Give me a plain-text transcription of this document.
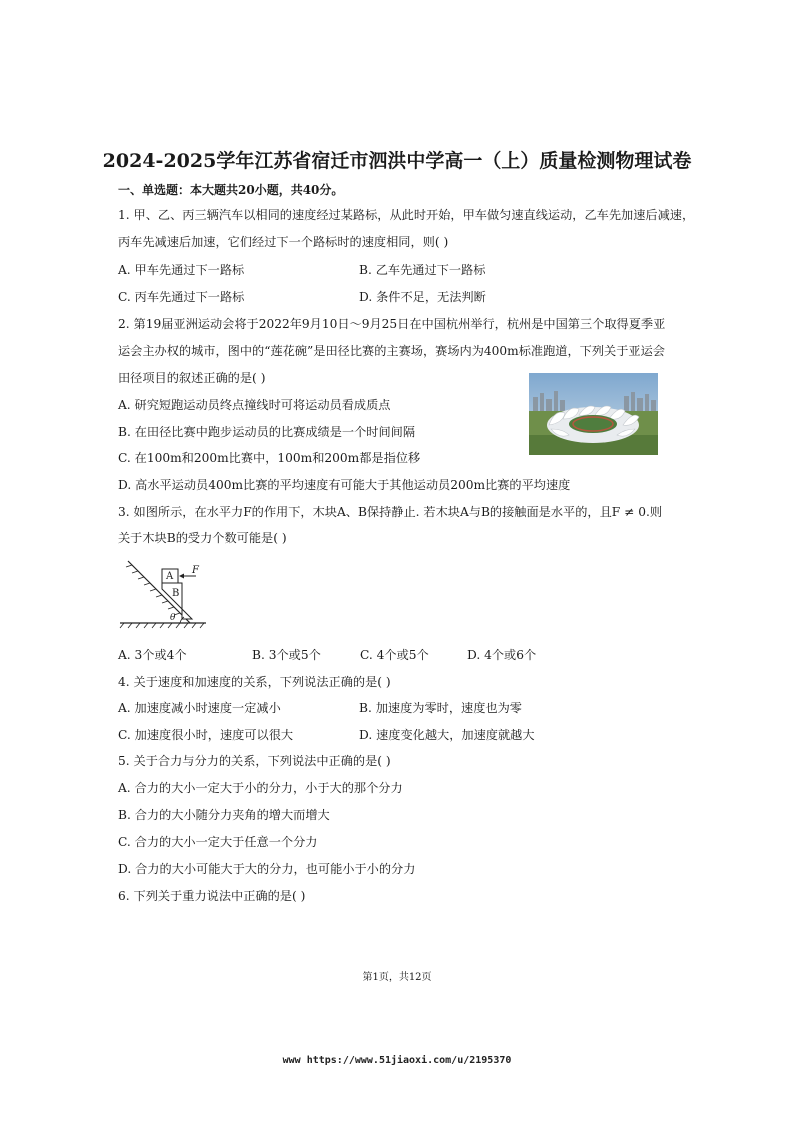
2024-2025学年江苏省宿迁市泗洪中学高一（上）质量检测物理试卷
一、单选题：本大题共20小题，共40分。
1. 甲、乙、丙三辆汽车以相同的速度经过某路标，从此时开始，甲车做匀速直线运动，乙车先加速后减速，
丙车先减速后加速，它们经过下一个路标时的速度相同，则( )
A. 甲车先通过下一路标	B. 乙车先通过下一路标
C. 丙车先通过下一路标	D. 条件不足，无法判断
2. 第19届亚洲运动会将于2022年9月10日～9月25日在中国杭州举行，杭州是中国第三个取得夏季亚
运会主办权的城市，图中的“莲花碗”是田径比赛的主赛场，赛场内为400m标准跑道，下列关于亚运会
田径项目的叙述正确的是( )
A. 研究短跑运动员终点撞线时可将运动员看成质点
B. 在田径比赛中跑步运动员的比赛成绩是一个时间间隔
C. 在100m和200m比赛中，100m和200m都是指位移
D. 高水平运动员400m比赛的平均速度有可能大于其他运动员200m比赛的平均速度
3. 如图所示，在水平力F的作用下，木块A、B保持静止. 若木块A与B的接触面是水平的，且F ≠ 0.则
关于木块B的受力个数可能是( )
A
B
F
θ
A. 3个或4个	B. 3个或5个	C. 4个或5个	D. 4个或6个
4. 关于速度和加速度的关系，下列说法正确的是( )
A. 加速度减小时速度一定减小	B. 加速度为零时，速度也为零
C. 加速度很小时，速度可以很大	D. 速度变化越大，加速度就越大
5. 关于合力与分力的关系，下列说法中正确的是( )
A. 合力的大小一定大于小的分力，小于大的那个分力
B. 合力的大小随分力夹角的增大而增大
C. 合力的大小一定大于任意一个分力
D. 合力的大小可能大于大的分力，也可能小于小的分力
6. 下列关于重力说法中正确的是( )
第1页，共12页
www https://www.51jiaoxi.com/u/2195370
